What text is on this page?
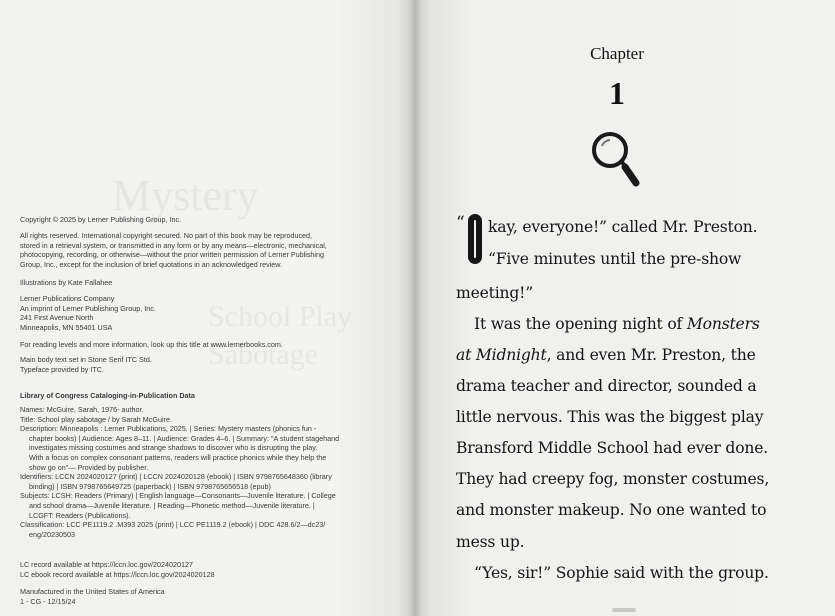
Mystery
School Play
Sabotage
Copyright © 2025 by Lerner Publishing Group, Inc.

All rights reserved. International copyright secured. No part of this book may be reproduced,

stored in a retrieval system, or transmitted in any form or by any means—electronic, mechanical,

photocopying, recording, or otherwise—without the prior written permission of Lerner Publishing

Group, Inc., except for the inclusion of brief quotations in an acknowledged review.

Illustrations by Kate Fallahee

Lerner Publications Company

An imprint of Lerner Publishing Group, Inc.

241 First Avenue North

Minneapolis, MN 55401 USA

For reading levels and more information, look up this title at www.lernerbooks.com.

Main body text set in Stone Serif ITC Std.

Typeface provided by ITC.

Library of Congress Cataloging-in-Publication Data

Names: McGuire, Sarah, 1976- author.

Title: School play sabotage / by Sarah McGuire.

Description: Minneapolis : Lerner Publications, 2025. | Series: Mystery masters (phonics fun -

chapter books) | Audience: Ages 8–11. | Audience: Grades 4–6. | Summary: "A student stagehand

investigates missing costumes and strange shadows to discover who is disrupting the play.

With a focus on complex consonant patterns, readers will practice phonics while they help the

show go on"— Provided by publisher.

Identifiers: LCCN 2024020127 (print) | LCCN 2024020128 (ebook) | ISBN 9798765648360 (library

binding) | ISBN 9798765649725 (paperback) | ISBN 9798765656518 (epub)

Subjects: LCSH: Readers (Primary) | English language—Consonants—Juvenile literature. | College

and school drama—Juvenile literature. | Reading—Phonetic method—Juvenile literature. |

LCGFT: Readers (Publications).

Classification: LCC PE1119.2 .M393 2025 (print) | LCC PE1119.2 (ebook) | DDC 428.6/2—dc23/

eng/20230503

LC record available at https://lccn.loc.gov/2024020127

LC ebook record available at https://lccn.loc.gov/2024020128

Manufactured in the United States of America

1 - CG - 12/15/24

Chapter
1
“ kay, everyone!” called Mr. Preston.
“Five minutes until the pre-show
meeting!”
It was the opening night of Monsters
at Midnight, and even Mr. Preston, the
drama teacher and director, sounded a
little nervous. This was the biggest play
Bransford Middle School had ever done.
They had creepy fog, monster costumes,
and monster makeup. No one wanted to
mess up.
“Yes, sir!” Sophie said with the group.
